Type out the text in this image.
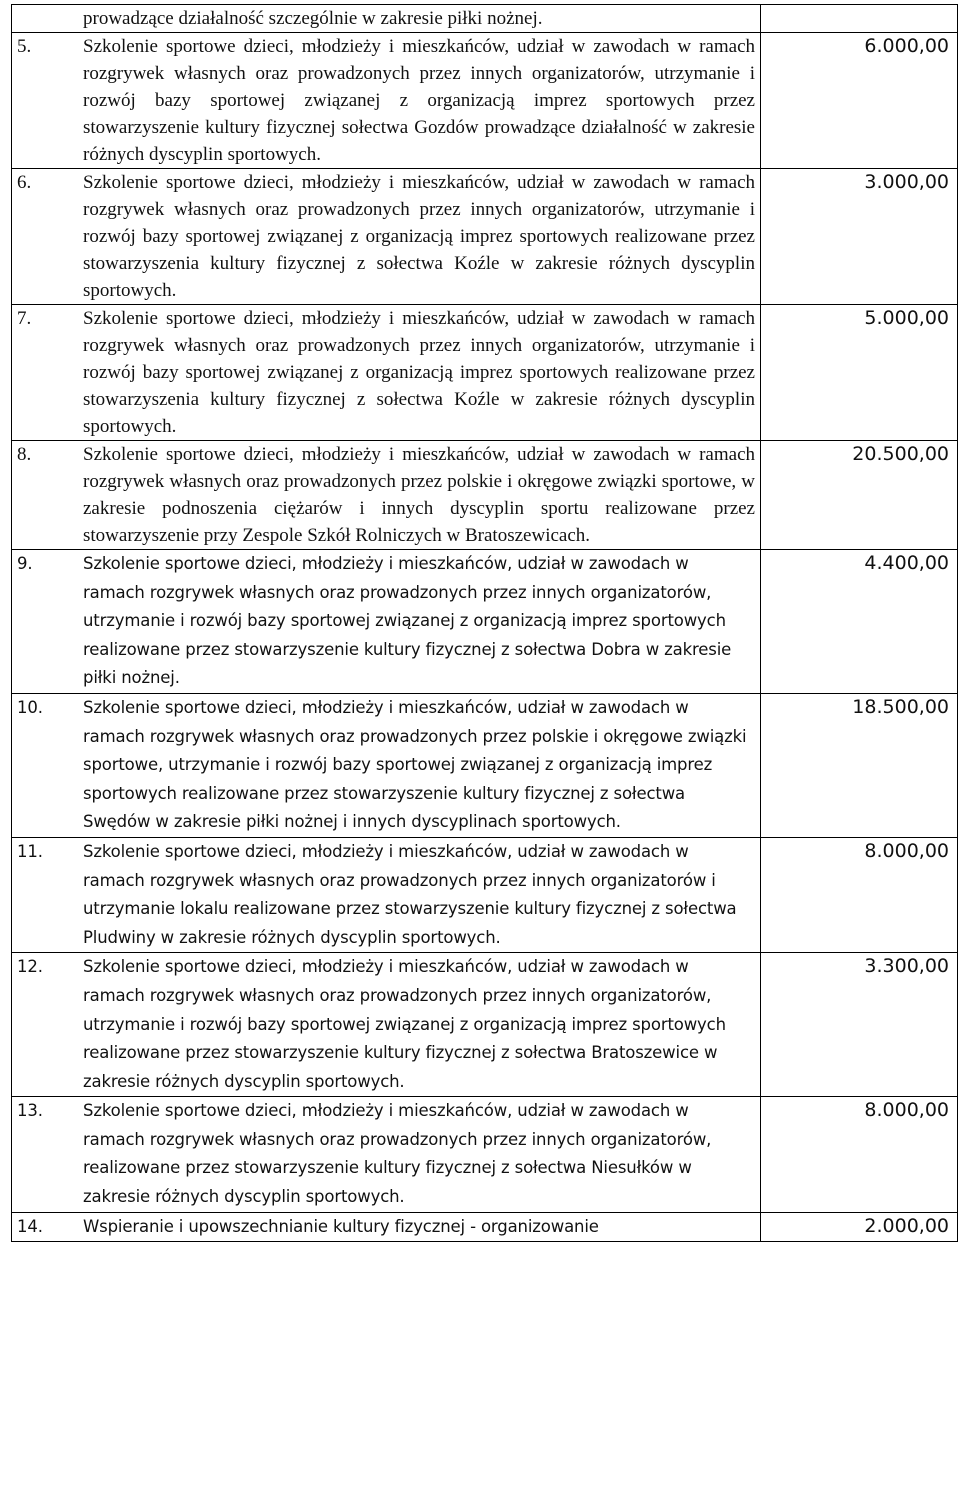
prowadzące działalność szczególnie w zakresie piłki nożnej.	

5. Szkolenie sportowe dzieci, młodzieży i mieszkańców, udział w zawodach w ramach rozgrywek własnych oraz prowadzonych przez innych organizatorów, utrzymanie i rozwój bazy sportowej związanej z organizacją imprez sportowych przez stowarzyszenie kultury fizycznej sołectwa Gozdów prowadzące działalność w zakresie różnych dyscyplin sportowych.	6.000,00

6. Szkolenie sportowe dzieci, młodzieży i mieszkańców, udział w zawodach w ramach rozgrywek własnych oraz prowadzonych przez innych organizatorów, utrzymanie i rozwój bazy sportowej związanej z organizacją imprez sportowych realizowane przez stowarzyszenia kultury fizycznej z sołectwa Koźle w zakresie różnych dyscyplin sportowych.	3.000,00

7. Szkolenie sportowe dzieci, młodzieży i mieszkańców, udział w zawodach w ramach rozgrywek własnych oraz prowadzonych przez innych organizatorów, utrzymanie i rozwój bazy sportowej związanej z organizacją imprez sportowych realizowane przez stowarzyszenia kultury fizycznej z sołectwa Koźle w zakresie różnych dyscyplin sportowych.	5.000,00

8. Szkolenie sportowe dzieci, młodzieży i mieszkańców, udział w zawodach w ramach rozgrywek własnych oraz prowadzonych przez polskie i okręgowe związki sportowe, w zakresie podnoszenia ciężarów i innych dyscyplin sportu realizowane przez stowarzyszenie przy Zespole Szkół Rolniczych w Bratoszewicach.	20.500,00

9. Szkolenie sportowe dzieci, młodzieży i mieszkańców, udział w zawodach w ramach rozgrywek własnych oraz prowadzonych przez innych organizatorów, utrzymanie i rozwój bazy sportowej związanej z organizacją imprez sportowych realizowane przez stowarzyszenie kultury fizycznej z sołectwa Dobra w zakresie piłki nożnej.	4.400,00

10. Szkolenie sportowe dzieci, młodzieży i mieszkańców, udział w zawodach w ramach rozgrywek własnych oraz prowadzonych przez polskie i okręgowe związki sportowe, utrzymanie i rozwój bazy sportowej związanej z organizacją imprez sportowych realizowane przez stowarzyszenie kultury fizycznej z sołectwa Swędów w zakresie piłki nożnej i innych dyscyplinach sportowych.	18.500,00

11. Szkolenie sportowe dzieci, młodzieży i mieszkańców, udział w zawodach w ramach rozgrywek własnych oraz prowadzonych przez innych organizatorów i utrzymanie lokalu realizowane przez stowarzyszenie kultury fizycznej z sołectwa Pludwiny w zakresie różnych dyscyplin sportowych.	8.000,00

12. Szkolenie sportowe dzieci, młodzieży i mieszkańców, udział w zawodach w ramach rozgrywek własnych oraz prowadzonych przez innych organizatorów, utrzymanie i rozwój bazy sportowej związanej z organizacją imprez sportowych realizowane przez stowarzyszenie kultury fizycznej z sołectwa Bratoszewice w zakresie różnych dyscyplin sportowych.	3.300,00

13. Szkolenie sportowe dzieci, młodzieży i mieszkańców, udział w zawodach w ramach rozgrywek własnych oraz prowadzonych przez innych organizatorów, realizowane przez stowarzyszenie kultury fizycznej z sołectwa Niesułków w zakresie różnych dyscyplin sportowych.	8.000,00

14. Wspieranie i upowszechnianie kultury fizycznej - organizowanie	2.000,00
